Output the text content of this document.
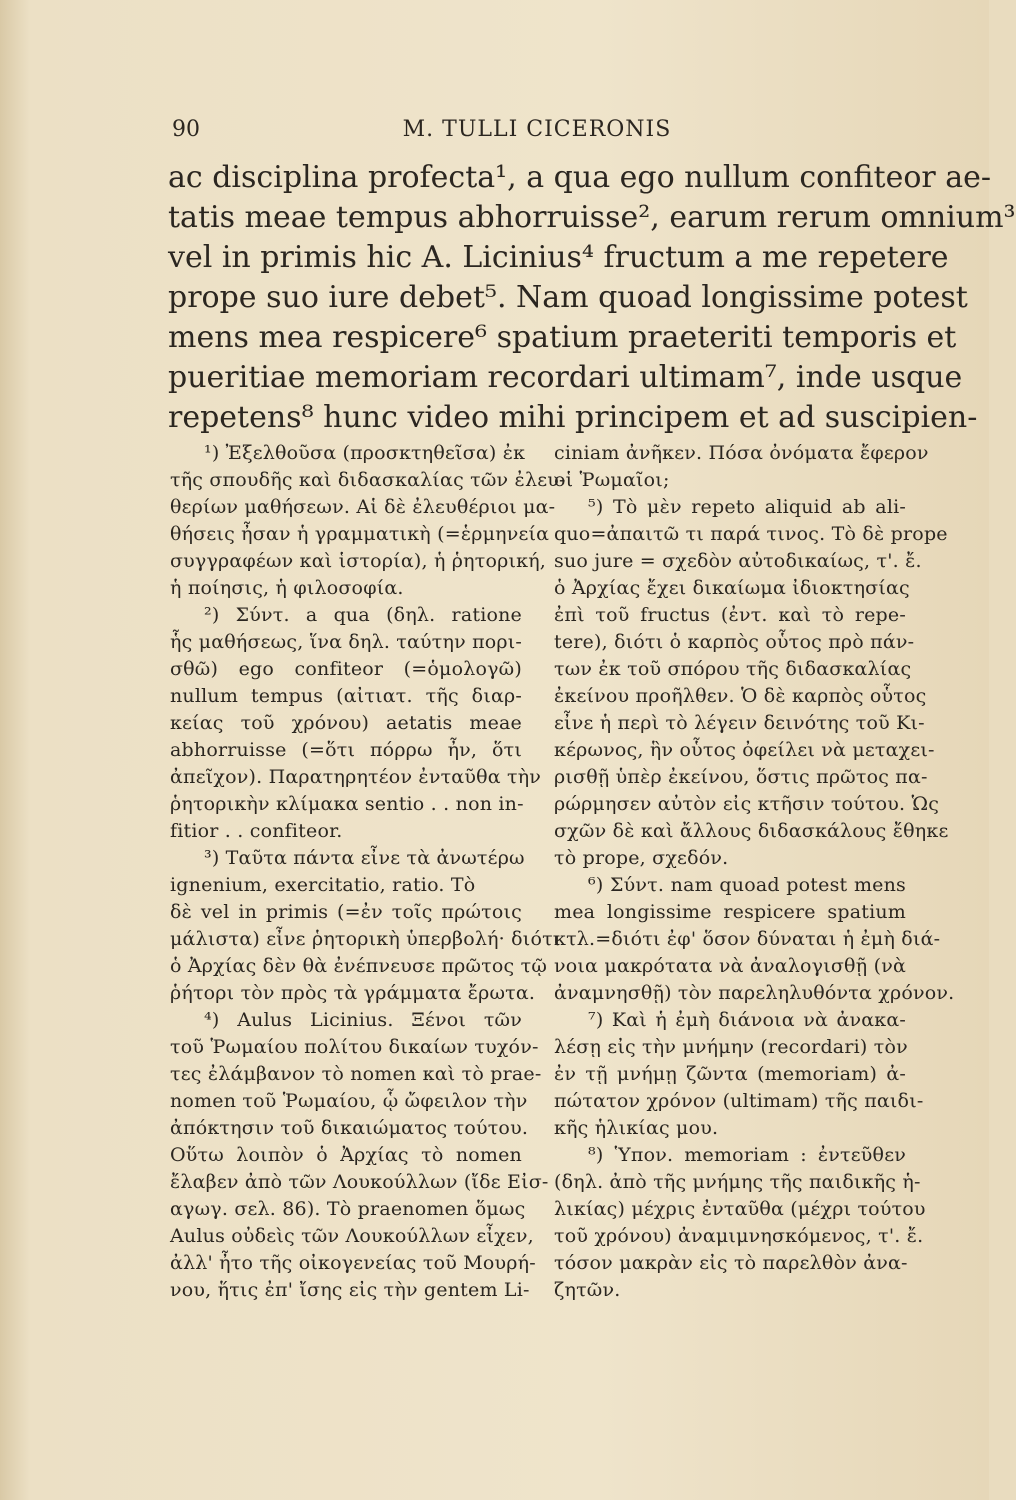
90	M. TULLI CICERONIS
ac disciplina profecta¹, a qua ego nullum confiteor ae-
tatis meae tempus abhorruisse², earum rerum omnium³
vel in primis hic A. Licinius⁴ fructum a me repetere
prope suo iure debet⁵. Nam quoad longissime potest
mens mea respicere⁶ spatium praeteriti temporis et
pueritiae memoriam recordari ultimam⁷, inde usque
repetens⁸ hunc video mihi principem et ad suscipien-
¹) Ἐξελθοῦσα (προσκτηθεῖσα) ἐκ
τῆς σπουδῆς καὶ διδασκαλίας τῶν ἐλευ-
θερίων μαθήσεων. Αἱ δὲ ἐλευθέριοι μα-
θήσεις ἦσαν ἡ γραμματικὴ (=ἑρμηνεία
συγγραφέων καὶ ἱστορία), ἡ ῥητορική,
ἡ ποίησις, ἡ φιλοσοφία.
²) Σύντ. a qua (δηλ. ratione
ἧς μαθήσεως, ἵνα δηλ. ταύτην πορι-
σθῶ) ego confiteor (=ὁμολογῶ)
nullum tempus (αἰτιατ. τῆς διαρ-
κείας τοῦ χρόνου) aetatis meae
abhorruisse (=ὅτι πόρρω ἦν, ὅτι
ἀπεῖχον). Παρατηρητέον ἐνταῦθα τὴν
ῥητορικὴν κλίμακα sentio . . non in-
fitior . . confiteor.
³) Ταῦτα πάντα εἶνε τὰ ἀνωτέρω
ignenium, exercitatio, ratio. Τὸ
δὲ vel in primis (=ἐν τοῖς πρώτοις
μάλιστα) εἶνε ῥητορικὴ ὑπερβολή· διότι
ὁ Ἀρχίας δὲν θὰ ἐνέπνευσε πρῶτος τῷ
ῥήτορι τὸν πρὸς τὰ γράμματα ἔρωτα.
⁴) Aulus Licinius. Ξένοι τῶν
τοῦ Ῥωμαίου πολίτου δικαίων τυχόν-
τες ἐλάμβανον τὸ nomen καὶ τὸ prae-
nomen τοῦ Ῥωμαίου, ᾧ ὤφειλον τὴν
ἀπόκτησιν τοῦ δικαιώματος τούτου.
Οὕτω λοιπὸν ὁ Ἀρχίας τὸ nomen
ἔλαβεν ἀπὸ τῶν Λουκούλλων (ἴδε Εἰσ-
αγωγ. σελ. 86). Τὸ praenomen ὅμως
Aulus οὐδεὶς τῶν Λουκούλλων εἶχεν,
ἀλλ' ἦτο τῆς οἰκογενείας τοῦ Μουρή-
νου, ἥτις ἐπ' ἴσης εἰς τὴν gentem Li-
ciniam ἀνῆκεν. Πόσα ὀνόματα ἔφερον
οἱ Ῥωμαῖοι;
⁵) Τὸ μὲν repeto aliquid ab ali-
quo=ἀπαιτῶ τι παρά τινος. Τὸ δὲ prope
suo jure = σχεδὸν αὐτοδικαίως, τ'. ἔ.
ὁ Ἀρχίας ἔχει δικαίωμα ἰδιοκτησίας
ἐπὶ τοῦ fructus (ἐντ. καὶ τὸ repe-
tere), διότι ὁ καρπὸς οὗτος πρὸ πάν-
των ἐκ τοῦ σπόρου τῆς διδασκαλίας
ἐκείνου προῆλθεν. Ὁ δὲ καρπὸς οὗτος
εἶνε ἡ περὶ τὸ λέγειν δεινότης τοῦ Κι-
κέρωνος, ἣν οὗτος ὀφείλει νὰ μεταχει-
ρισθῇ ὑπὲρ ἐκείνου, ὅστις πρῶτος πα-
ρώρμησεν αὐτὸν εἰς κτῆσιν τούτου. Ὡς
σχῶν δὲ καὶ ἄλλους διδασκάλους ἔθηκε
τὸ prope, σχεδόν.
⁶) Σύντ. nam quoad potest mens
mea longissime respicere spatium
κτλ.=διότι ἐφ' ὅσον δύναται ἡ ἐμὴ διά-
νοια μακρότατα νὰ ἀναλογισθῇ (νὰ
ἀναμνησθῇ) τὸν παρεληλυθόντα χρόνον.
⁷) Καὶ ἡ ἐμὴ διάνοια νὰ ἀνακα-
λέσῃ εἰς τὴν μνήμην (recordari) τὸν
ἐν τῇ μνήμῃ ζῶντα (memoriam) ἀ-
πώτατον χρόνον (ultimam) τῆς παιδι-
κῆς ἡλικίας μου.
⁸) Ὑπον. memoriam : ἐντεῦθεν
(δηλ. ἀπὸ τῆς μνήμης τῆς παιδικῆς ἡ-
λικίας) μέχρις ἐνταῦθα (μέχρι τούτου
τοῦ χρόνου) ἀναμιμνησκόμενος, τ'. ἔ.
τόσον μακρὰν εἰς τὸ παρελθὸν ἀνα-
ζητῶν.
